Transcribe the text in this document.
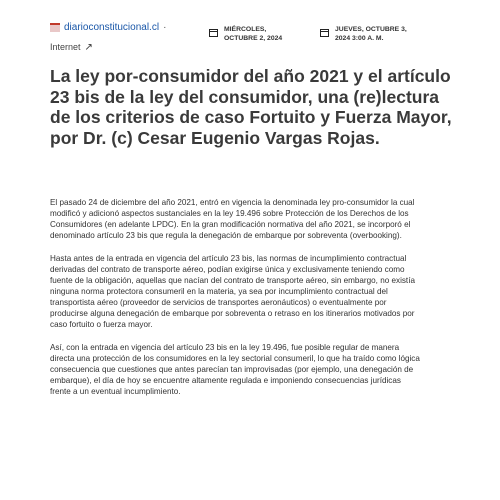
diarioconstitucional.cl ·
Internet ↗
MIÉRCOLES, OCTUBRE 2, 2024
JUEVES, OCTUBRE 3, 2024 3:00 A. M.
La ley por-consumidor del año 2021 y el artículo 23 bis de la ley del consumidor, una (re)lectura de los criterios de caso Fortuito y Fuerza Mayor, por Dr. (c) Cesar Eugenio Vargas Rojas.

El pasado 24 de diciembre del año 2021, entró en vigencia la denominada ley pro-consumidor la cual modificó y adicionó aspectos sustanciales en la ley 19.496 sobre Protección de los Derechos de los Consumidores (en adelante LPDC). En la gran modificación normativa del año 2021, se incorporó el denominado artículo 23 bis que regula la denegación de embarque por sobreventa (overbooking).

Hasta antes de la entrada en vigencia del artículo 23 bis, las normas de incumplimiento contractual derivadas del contrato de transporte aéreo, podían exigirse única y exclusivamente teniendo como fuente de la obligación, aquellas que nacían del contrato de transporte aéreo, sin embargo, no existía ninguna norma protectora consumeril en la materia, ya sea por incumplimiento contractual del transportista aéreo (proveedor de servicios de transportes aeronáuticos) o eventualmente por producirse alguna denegación de embarque por sobreventa o retraso en los itinerarios motivados por caso fortuito o fuerza mayor.

Así, con la entrada en vigencia del artículo 23 bis en la ley 19.496, fue posible regular de manera directa una protección de los consumidores en la ley sectorial consumeril, lo que ha traído como lógica consecuencia que cuestiones que antes parecían tan improvisadas (por ejemplo, una denegación de embarque), el día de hoy se encuentre altamente regulada e imponiendo consecuencias jurídicas frente a un eventual incumplimiento.
